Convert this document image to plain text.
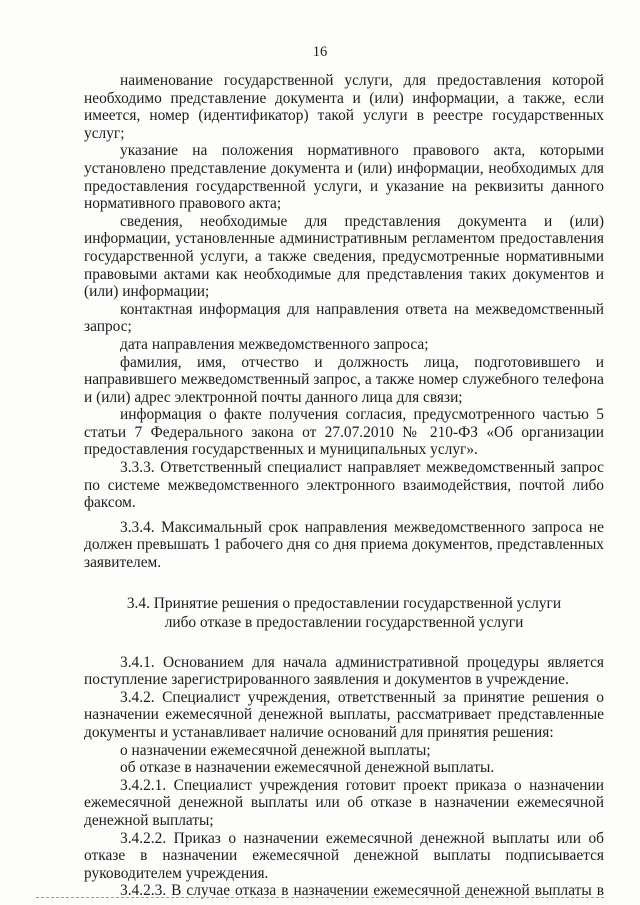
16

наименование государственной услуги, для предоставления которой необходимо представление документа и (или) информации, а также, если имеется, номер (идентификатор) такой услуги в реестре государственных услуг;

указание на положения нормативного правового акта, которыми установлено представление документа и (или) информации, необходимых для предоставления государственной услуги, и указание на реквизиты данного нормативного правового акта;

сведения, необходимые для представления документа и (или) информации, установленные административным регламентом предоставления государственной услуги, а также сведения, предусмотренные нормативными правовыми актами как необходимые для представления таких документов и (или) информации;

контактная информация для направления ответа на межведомственный запрос;

дата направления межведомственного запроса;

фамилия, имя, отчество и должность лица, подготовившего и направившего межведомственный запрос, а также номер служебного телефона и (или) адрес электронной почты данного лица для связи;

информация о факте получения согласия, предусмотренного частью 5 статьи 7 Федерального закона от 27.07.2010 № 210-ФЗ «Об организации предоставления государственных и муниципальных услуг».

3.3.3. Ответственный специалист направляет межведомственный запрос по системе межведомственного электронного взаимодействия, почтой либо факсом.

3.3.4. Максимальный срок направления межведомственного запроса не должен превышать 1 рабочего дня со дня приема документов, представленных заявителем.

3.4. Принятие решения о предоставлении государственной услуги
либо отказе в предоставлении государственной услуги

3.4.1. Основанием для начала административной процедуры является поступление зарегистрированного заявления и документов в учреждение.

3.4.2. Специалист учреждения, ответственный за принятие решения о назначении ежемесячной денежной выплаты, рассматривает представленные документы и устанавливает наличие оснований для принятия решения:

о назначении ежемесячной денежной выплаты;

об отказе в назначении ежемесячной денежной выплаты.

3.4.2.1. Специалист учреждения готовит проект приказа о назначении ежемесячной денежной выплаты или об отказе в назначении ежемесячной денежной выплаты;

3.4.2.2. Приказ о назначении ежемесячной денежной выплаты или об отказе в назначении ежемесячной денежной выплаты подписывается руководителем учреждения.

3.4.2.3. В случае отказа в назначении ежемесячной денежной выплаты в
